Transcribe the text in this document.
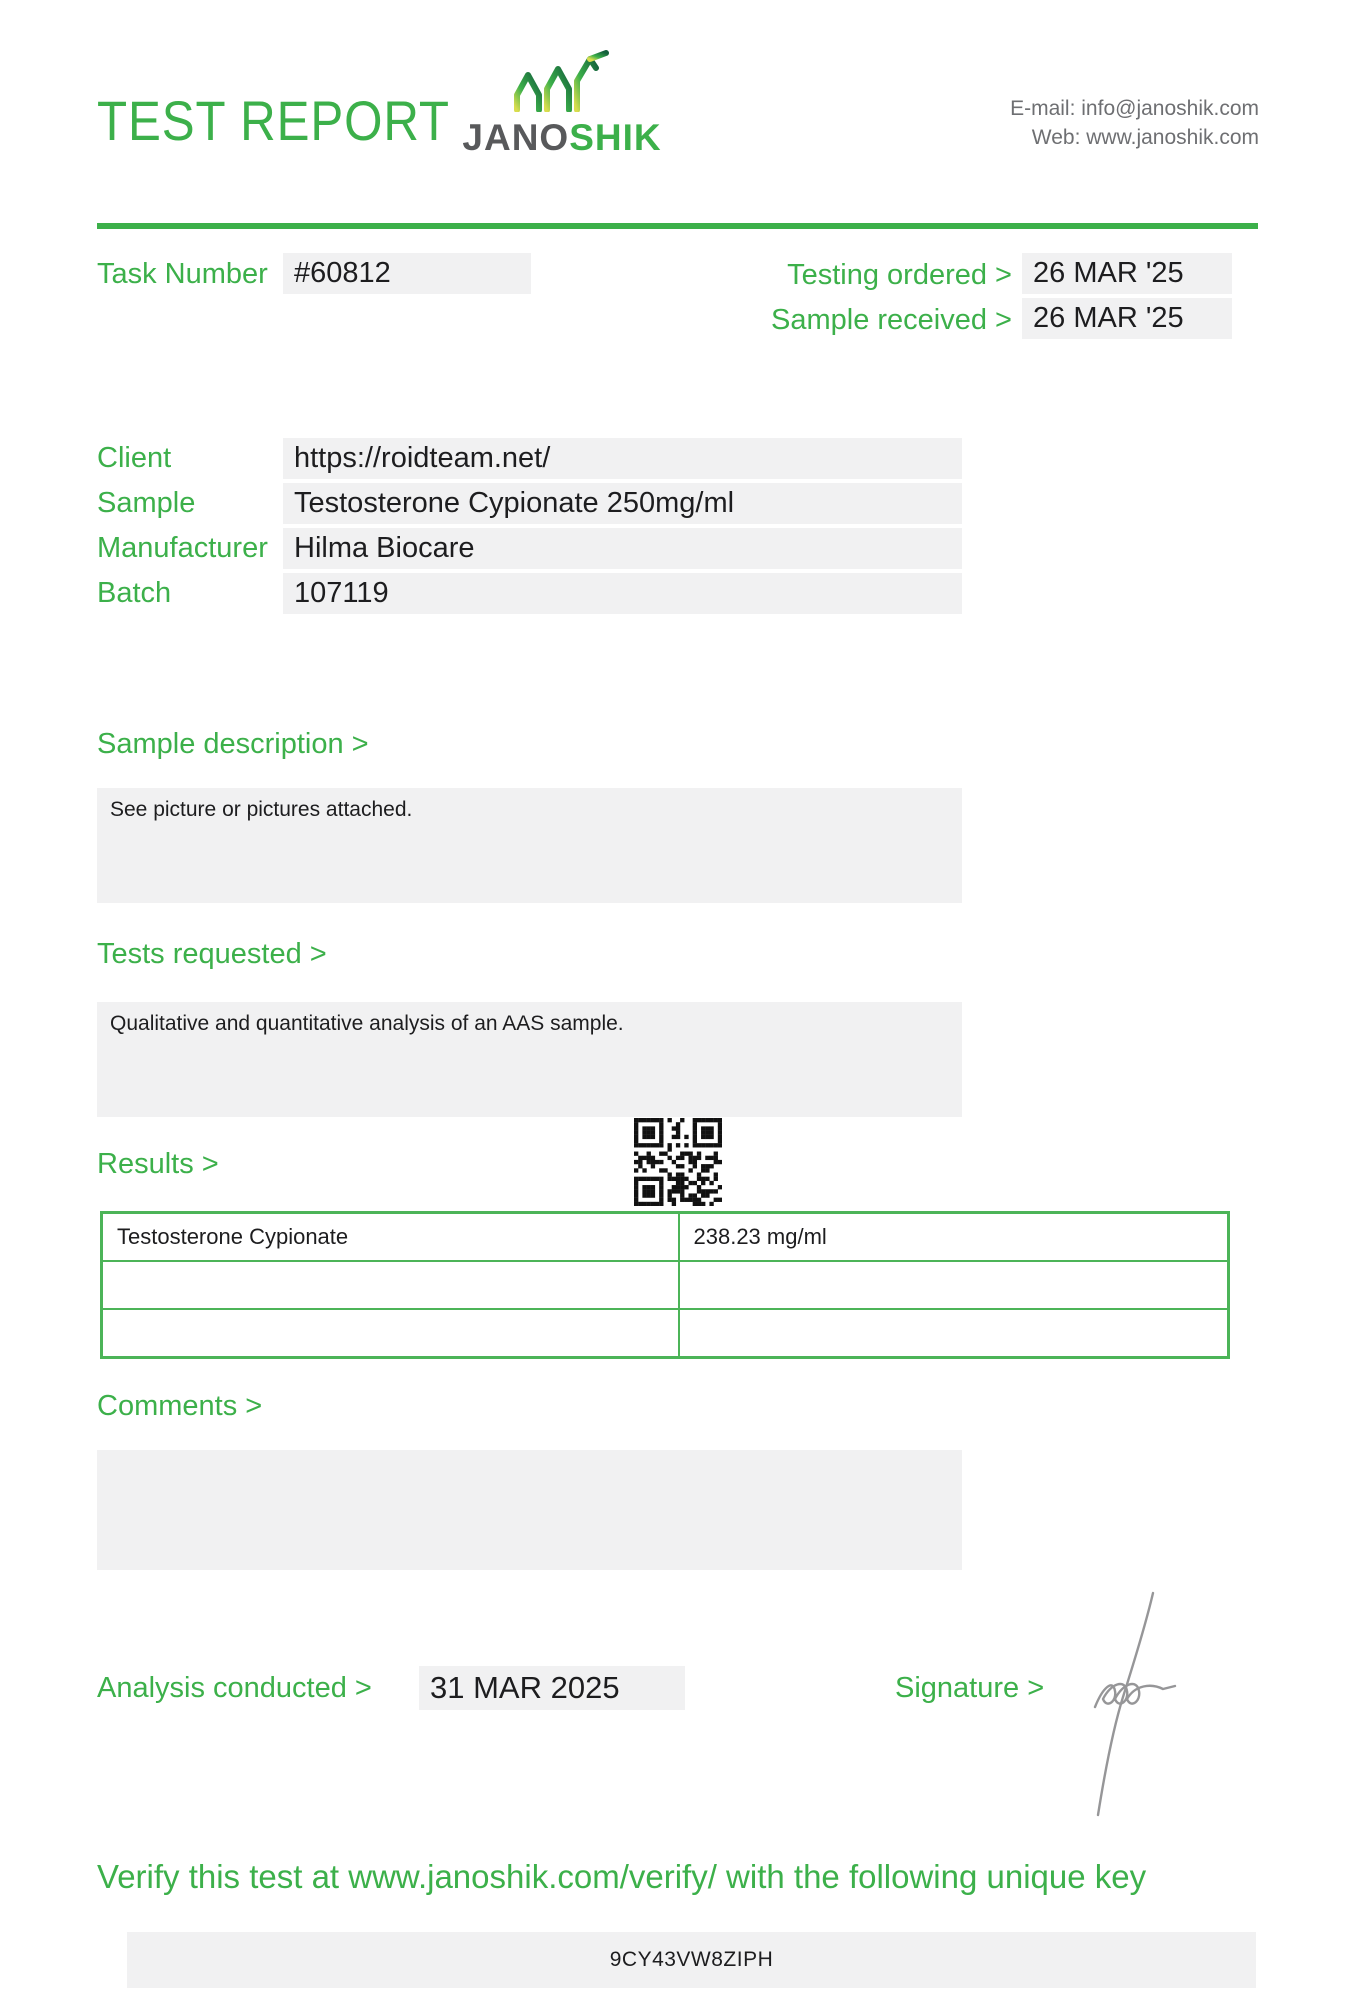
TEST REPORT JANOSHIK
E-mail: info@janoshik.com
Web: www.janoshik.com
Task Number #60812	Testing ordered > 26 MAR '25
Sample received > 26 MAR '25
Client	https://roidteam.net/
Sample	Testosterone Cypionate 250mg/ml
Manufacturer Hilma Biocare
Batch	107119
Sample description >
See picture or pictures attached.
Tests requested >
Qualitative and quantitative analysis of an AAS sample.
Results >
Testosterone Cypionate	238.23 mg/ml

Comments >
Analysis conducted >	31 MAR 2025	Signature >
Verify this test at www.janoshik.com/verify/ with the following unique key
9CY43VW8ZIPH
